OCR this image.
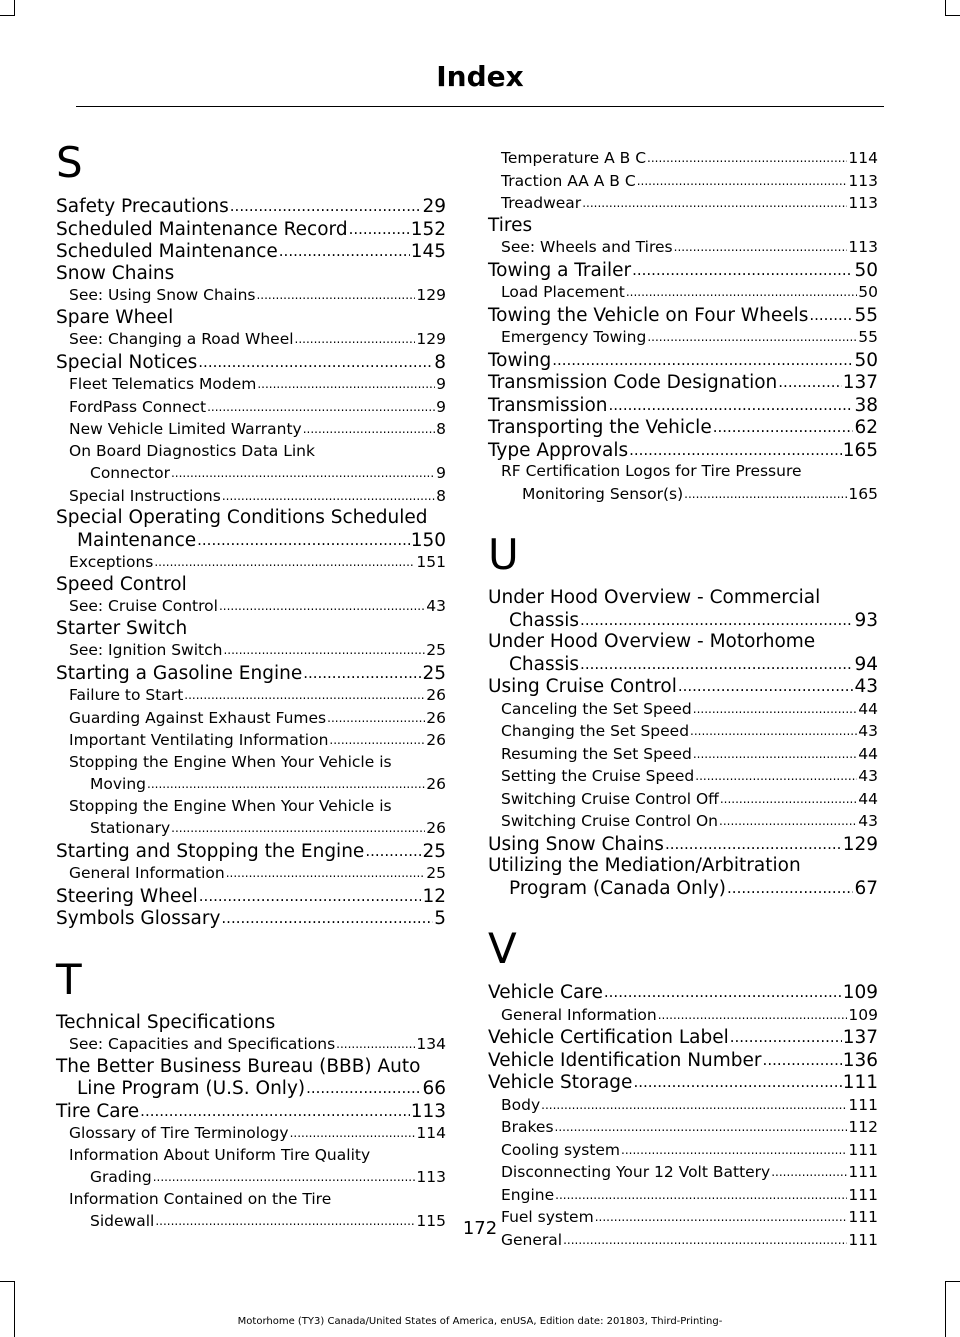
Index
S
Safety Precautions .....	29
Scheduled Maintenance Record .....	152
Scheduled Maintenance .....	145
Snow Chains
See: Using Snow Chains .....	129
Spare Wheel
See: Changing a Road Wheel .....	129
Special Notices .....	8
Fleet Telematics Modem .....	9
FordPass Connect .....	9
New Vehicle Limited Warranty .....	8
On Board Diagnostics Data Link
Connector .....	9
Special Instructions .....	8
Special Operating Conditions Scheduled
Maintenance .....	150
Exceptions .....	151
Speed Control
See: Cruise Control .....	43
Starter Switch
See: Ignition Switch .....	25
Starting a Gasoline Engine .....	25
Failure to Start .....	26
Guarding Against Exhaust Fumes .....	26
Important Ventilating Information .....	26
Stopping the Engine When Your Vehicle is
Moving .....	26
Stopping the Engine When Your Vehicle is
Stationary .....	26
Starting and Stopping the Engine .....	25
General Information .....	25
Steering Wheel .....	12
Symbols Glossary .....	5
T
Technical Specifications
See: Capacities and Specifications .....	134
The Better Business Bureau (BBB) Auto
Line Program (U.S. Only) .....	66
Tire Care .....	113
Glossary of Tire Terminology .....	114
Information About Uniform Tire Quality
Grading .....	113
Information Contained on the Tire
Sidewall .....	115
Temperature A B C .....	114
Traction AA A B C .....	113
Treadwear .....	113
Tires
See: Wheels and Tires .....	113
Towing a Trailer .....	50
Load Placement .....	50
Towing the Vehicle on Four Wheels ..... 55
Emergency Towing .....	55
Towing .....	50
Transmission Code Designation .....	137
Transmission .....	38
Transporting the Vehicle .....	62
Type Approvals .....	165
RF Certification Logos for Tire Pressure
Monitoring Sensor(s) .....	165
U
Under Hood Overview - Commercial
Chassis .....	93
Under Hood Overview - Motorhome
Chassis .....	94
Using Cruise Control .....	43
Canceling the Set Speed .....	44
Changing the Set Speed .....	43
Resuming the Set Speed .....	44
Setting the Cruise Speed .....	43
Switching Cruise Control Off .....	44
Switching Cruise Control On .....	43
Using Snow Chains .....	129
Utilizing the Mediation/Arbitration
Program (Canada Only) .....	67
V
Vehicle Care .....	109
General Information .....	109
Vehicle Certification Label .....	137
Vehicle Identification Number .....	136
Vehicle Storage .....	111
Body .....	111
Brakes .....	112
Cooling system .....	111
Disconnecting Your 12 Volt Battery .....	111
Engine .....	111
Fuel system .....	111
General .....	111
172
Motorhome (TY3) Canada/United States of America, enUSA, Edition date: 201803, Third-Printing-
